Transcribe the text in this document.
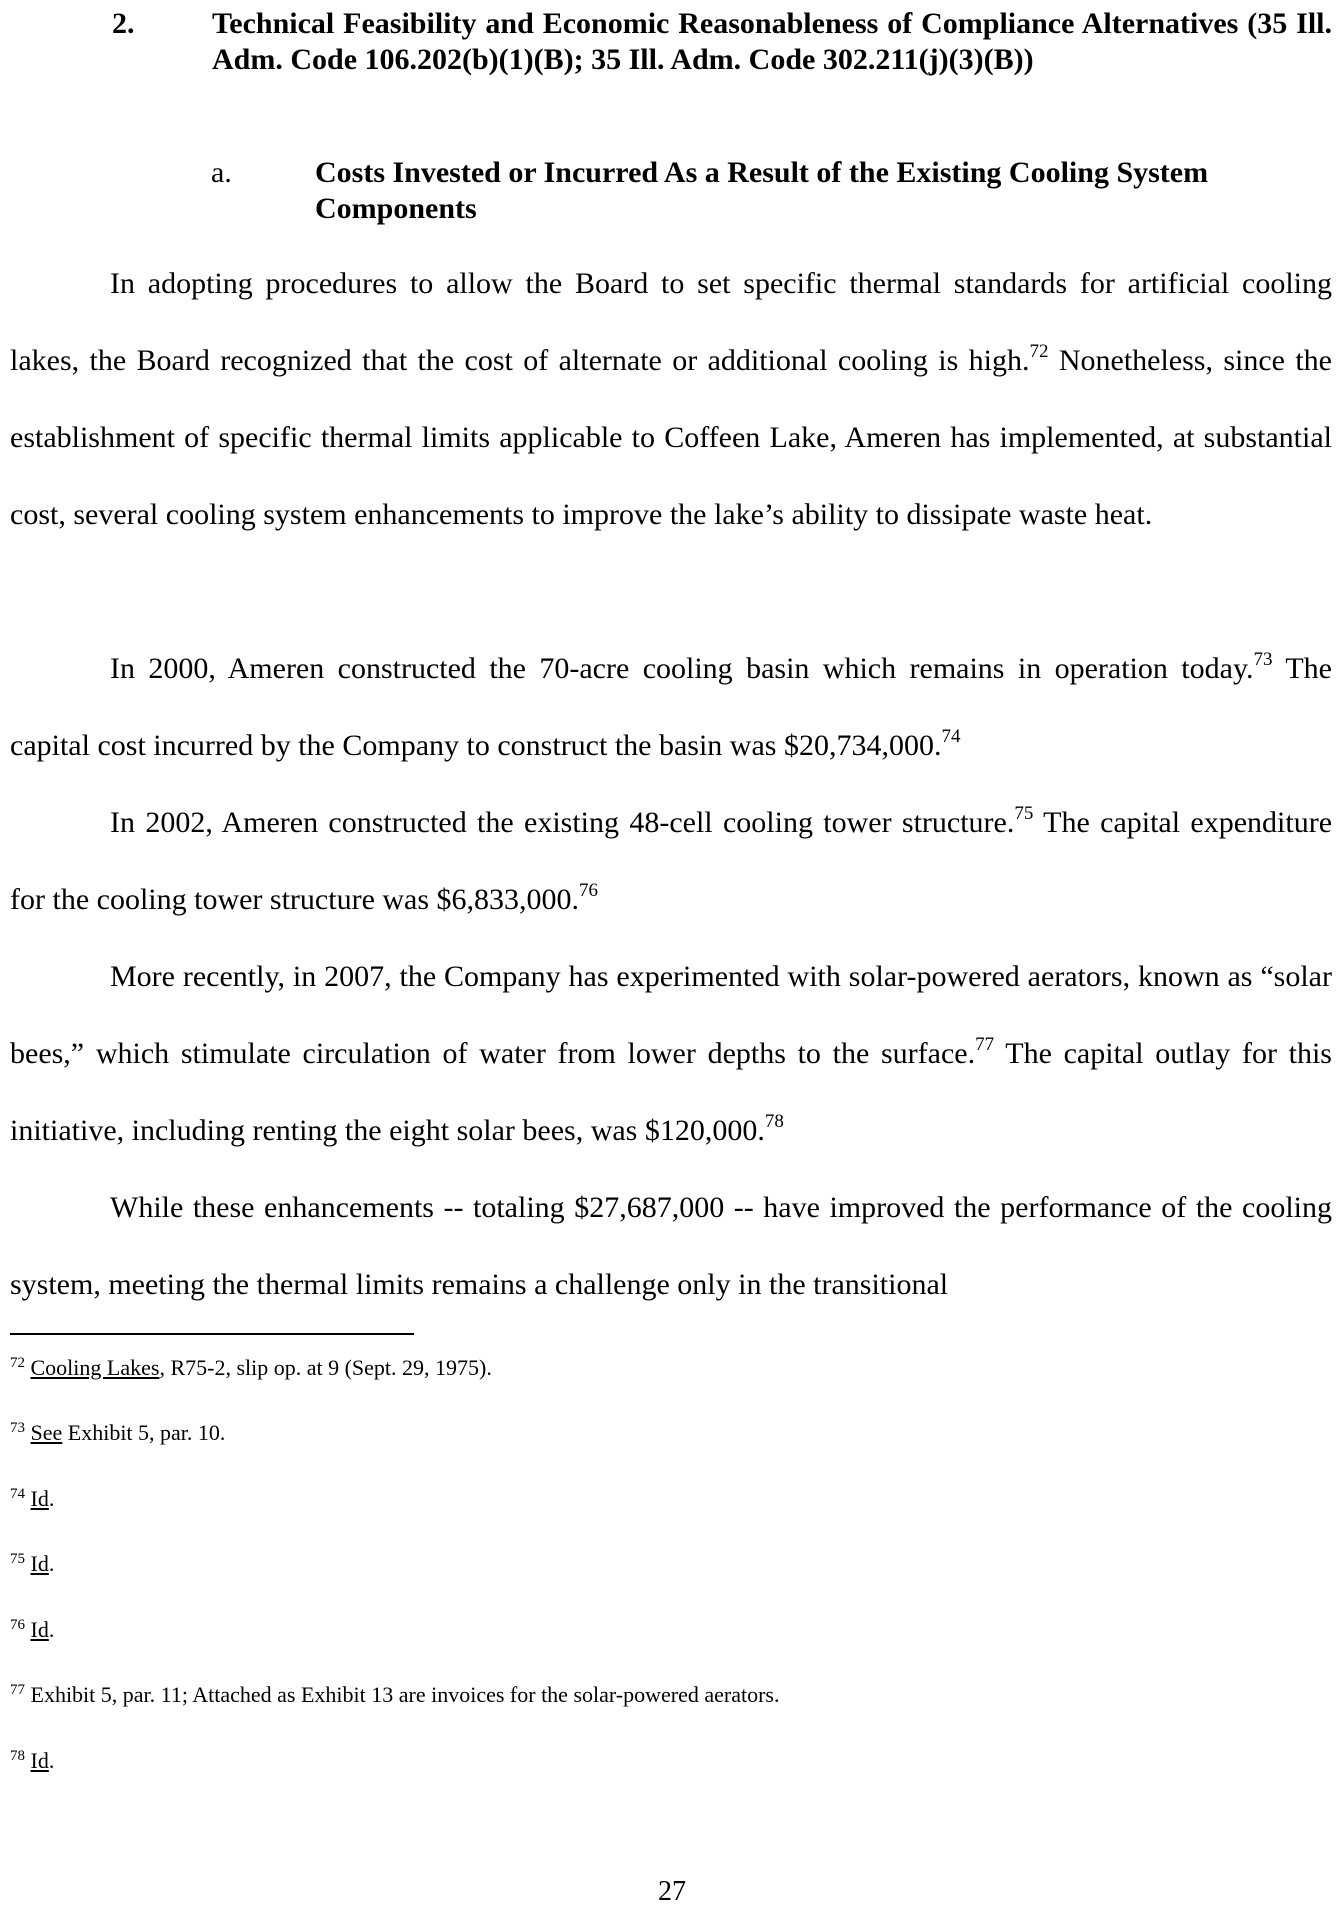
2.	Technical Feasibility and Economic Reasonableness of Compliance Alternatives (35 Ill. Adm. Code 106.202(b)(1)(B); 35 Ill. Adm. Code 302.211(j)(3)(B))
a.	Costs Invested or Incurred As a Result of the Existing Cooling System Components

In adopting procedures to allow the Board to set specific thermal standards for artificial cooling lakes, the Board recognized that the cost of alternate or additional cooling is high.$^{72}$ Nonetheless, since the establishment of specific thermal limits applicable to Coffeen Lake, Ameren has implemented, at substantial cost, several cooling system enhancements to improve the lake’s ability to dissipate waste heat.

In 2000, Ameren constructed the 70-acre cooling basin which remains in operation today.$^{73}$ The capital cost incurred by the Company to construct the basin was $20,734,000.74

In 2002, Ameren constructed the existing 48-cell cooling tower structure.$^{75}$ The capital expenditure for the cooling tower structure was $6,833,000.76

More recently, in 2007, the Company has experimented with solar-powered aerators, known as “solar bees,” which stimulate circulation of water from lower depths to the surface.$^{77}$ The capital outlay for this initiative, including renting the eight solar bees, was $120,000.78

While these enhancements -- totaling $27,687,000 -- have improved the performance of the cooling system, meeting the thermal limits remains a challenge only in the transitional

$^{72}$ Cooling Lakes, R75-2, slip op. at 9 (Sept. 29, 1975).
$^{73}$ See Exhibit 5, par. 10.
$^{74}$ Id.
$^{75}$ Id.
$^{76}$ Id.
$^{77}$ Exhibit 5, par. 11; Attached as Exhibit 13 are invoices for the solar-powered aerators.
$^{78}$ Id.
27
